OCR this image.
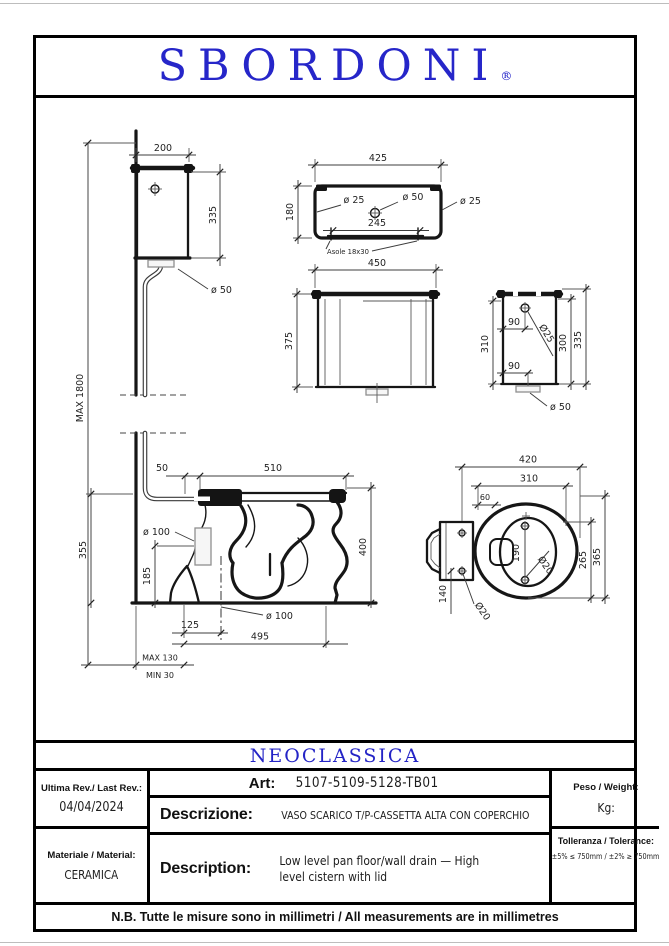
SBORDONI ®
MAX 1800
200
335
ø 50
425
180
ø 25	ø 50	ø 25
245
Asole 18x30
450
375
90
90
Ø25
310	300 335
ø 50
ø 100
355
185
400
50	510
125
495
MAX 130
MIN 30
ø 100
190
Ø20
140
Ø20
60
310
420
265 365
NEOCLASSICA
Ultima Rev./ Last Rev.:
04/04/2024
Materiale / Material:
CERAMICA
Art: 5107-5109-5128-TB01
Descrizione:	VASO SCARICO T/P-CASSETTA ALTA CON COPERCHIO
Description: Low level pan floor/wall drain — High level cistern with lid
Peso / Weight:
Kg:
Tolleranza / Tolerance:
±5% ≤ 750mm / ±2% ≥ 750mm
N.B. Tutte le misure sono in millimetri / All measurements are in millimetres
